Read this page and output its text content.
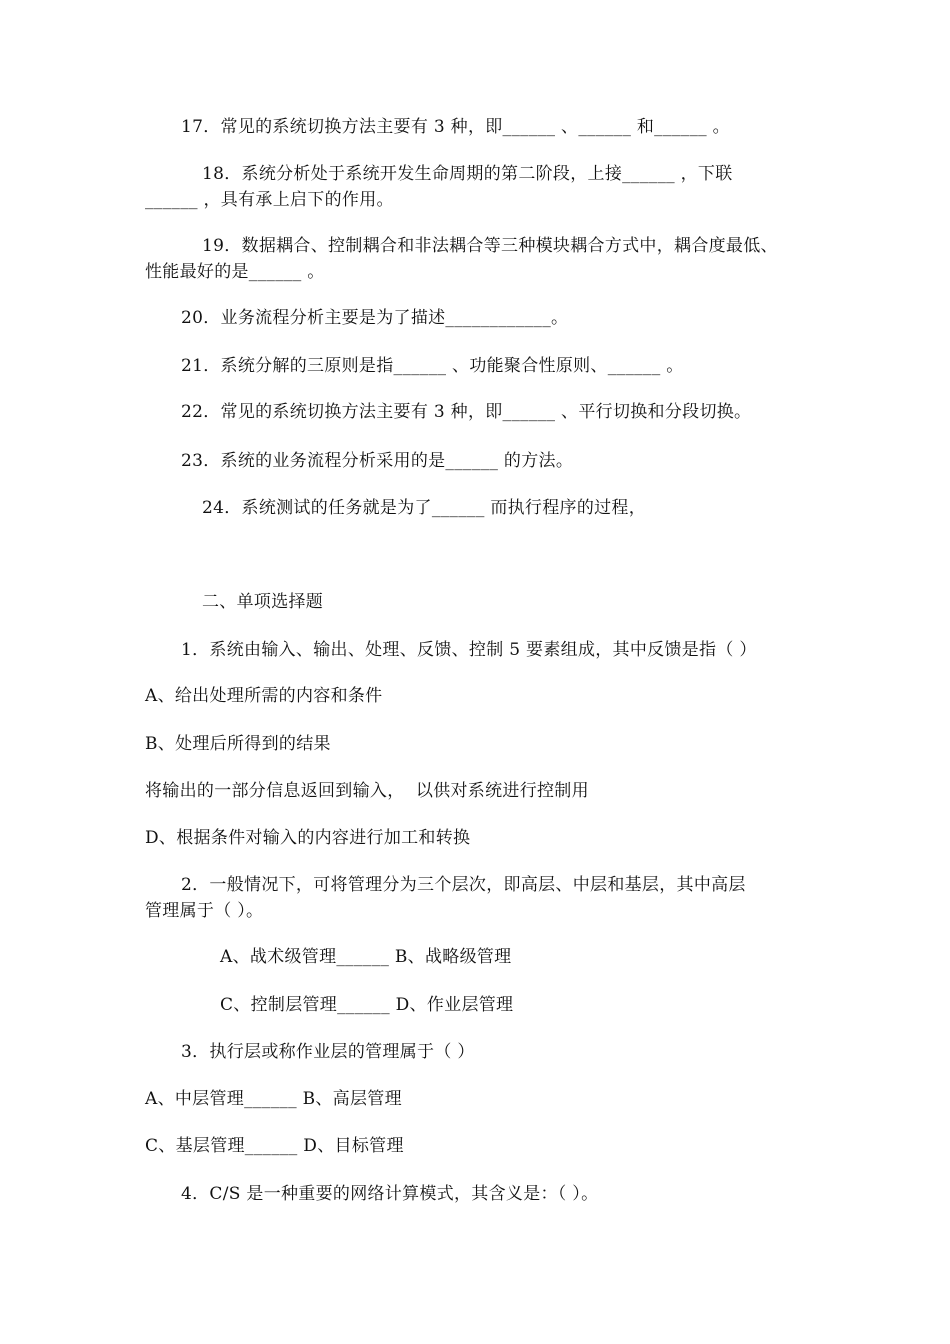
17．常见的系统切换方法主要有 3 种，即______ 、______ 和______ 。
18．系统分析处于系统开发生命周期的第二阶段，上接______ ，下联
______ ，具有承上启下的作用。
19．数据耦合、控制耦合和非法耦合等三种模块耦合方式中，耦合度最低、
性能最好的是______ 。
20．业务流程分析主要是为了描述____________。
21．系统分解的三原则是指______ 、功能聚合性原则、______ 。
22．常见的系统切换方法主要有 3 种，即______ 、平行切换和分段切换。
23．系统的业务流程分析采用的是______ 的方法。
24．系统测试的任务就是为了______ 而执行程序的过程，
二、单项选择题
1．系统由输入、输出、处理、反馈、控制 5 要素组成，其中反馈是指（ ）
A、给出处理所需的内容和条件
B、处理后所得到的结果
将输出的一部分信息返回到输入，  以供对系统进行控制用
D、根据条件对输入的内容进行加工和转换
2．一般情况下，可将管理分为三个层次，即高层、中层和基层，其中高层
管理属于（ ）。
A、战术级管理______ B、战略级管理
C、控制层管理______ D、作业层管理
3．执行层或称作业层的管理属于（ ）
A、中层管理______ B、高层管理
C、基层管理______ D、目标管理
4．C/S 是一种重要的网络计算模式，其含义是：（ ）。
